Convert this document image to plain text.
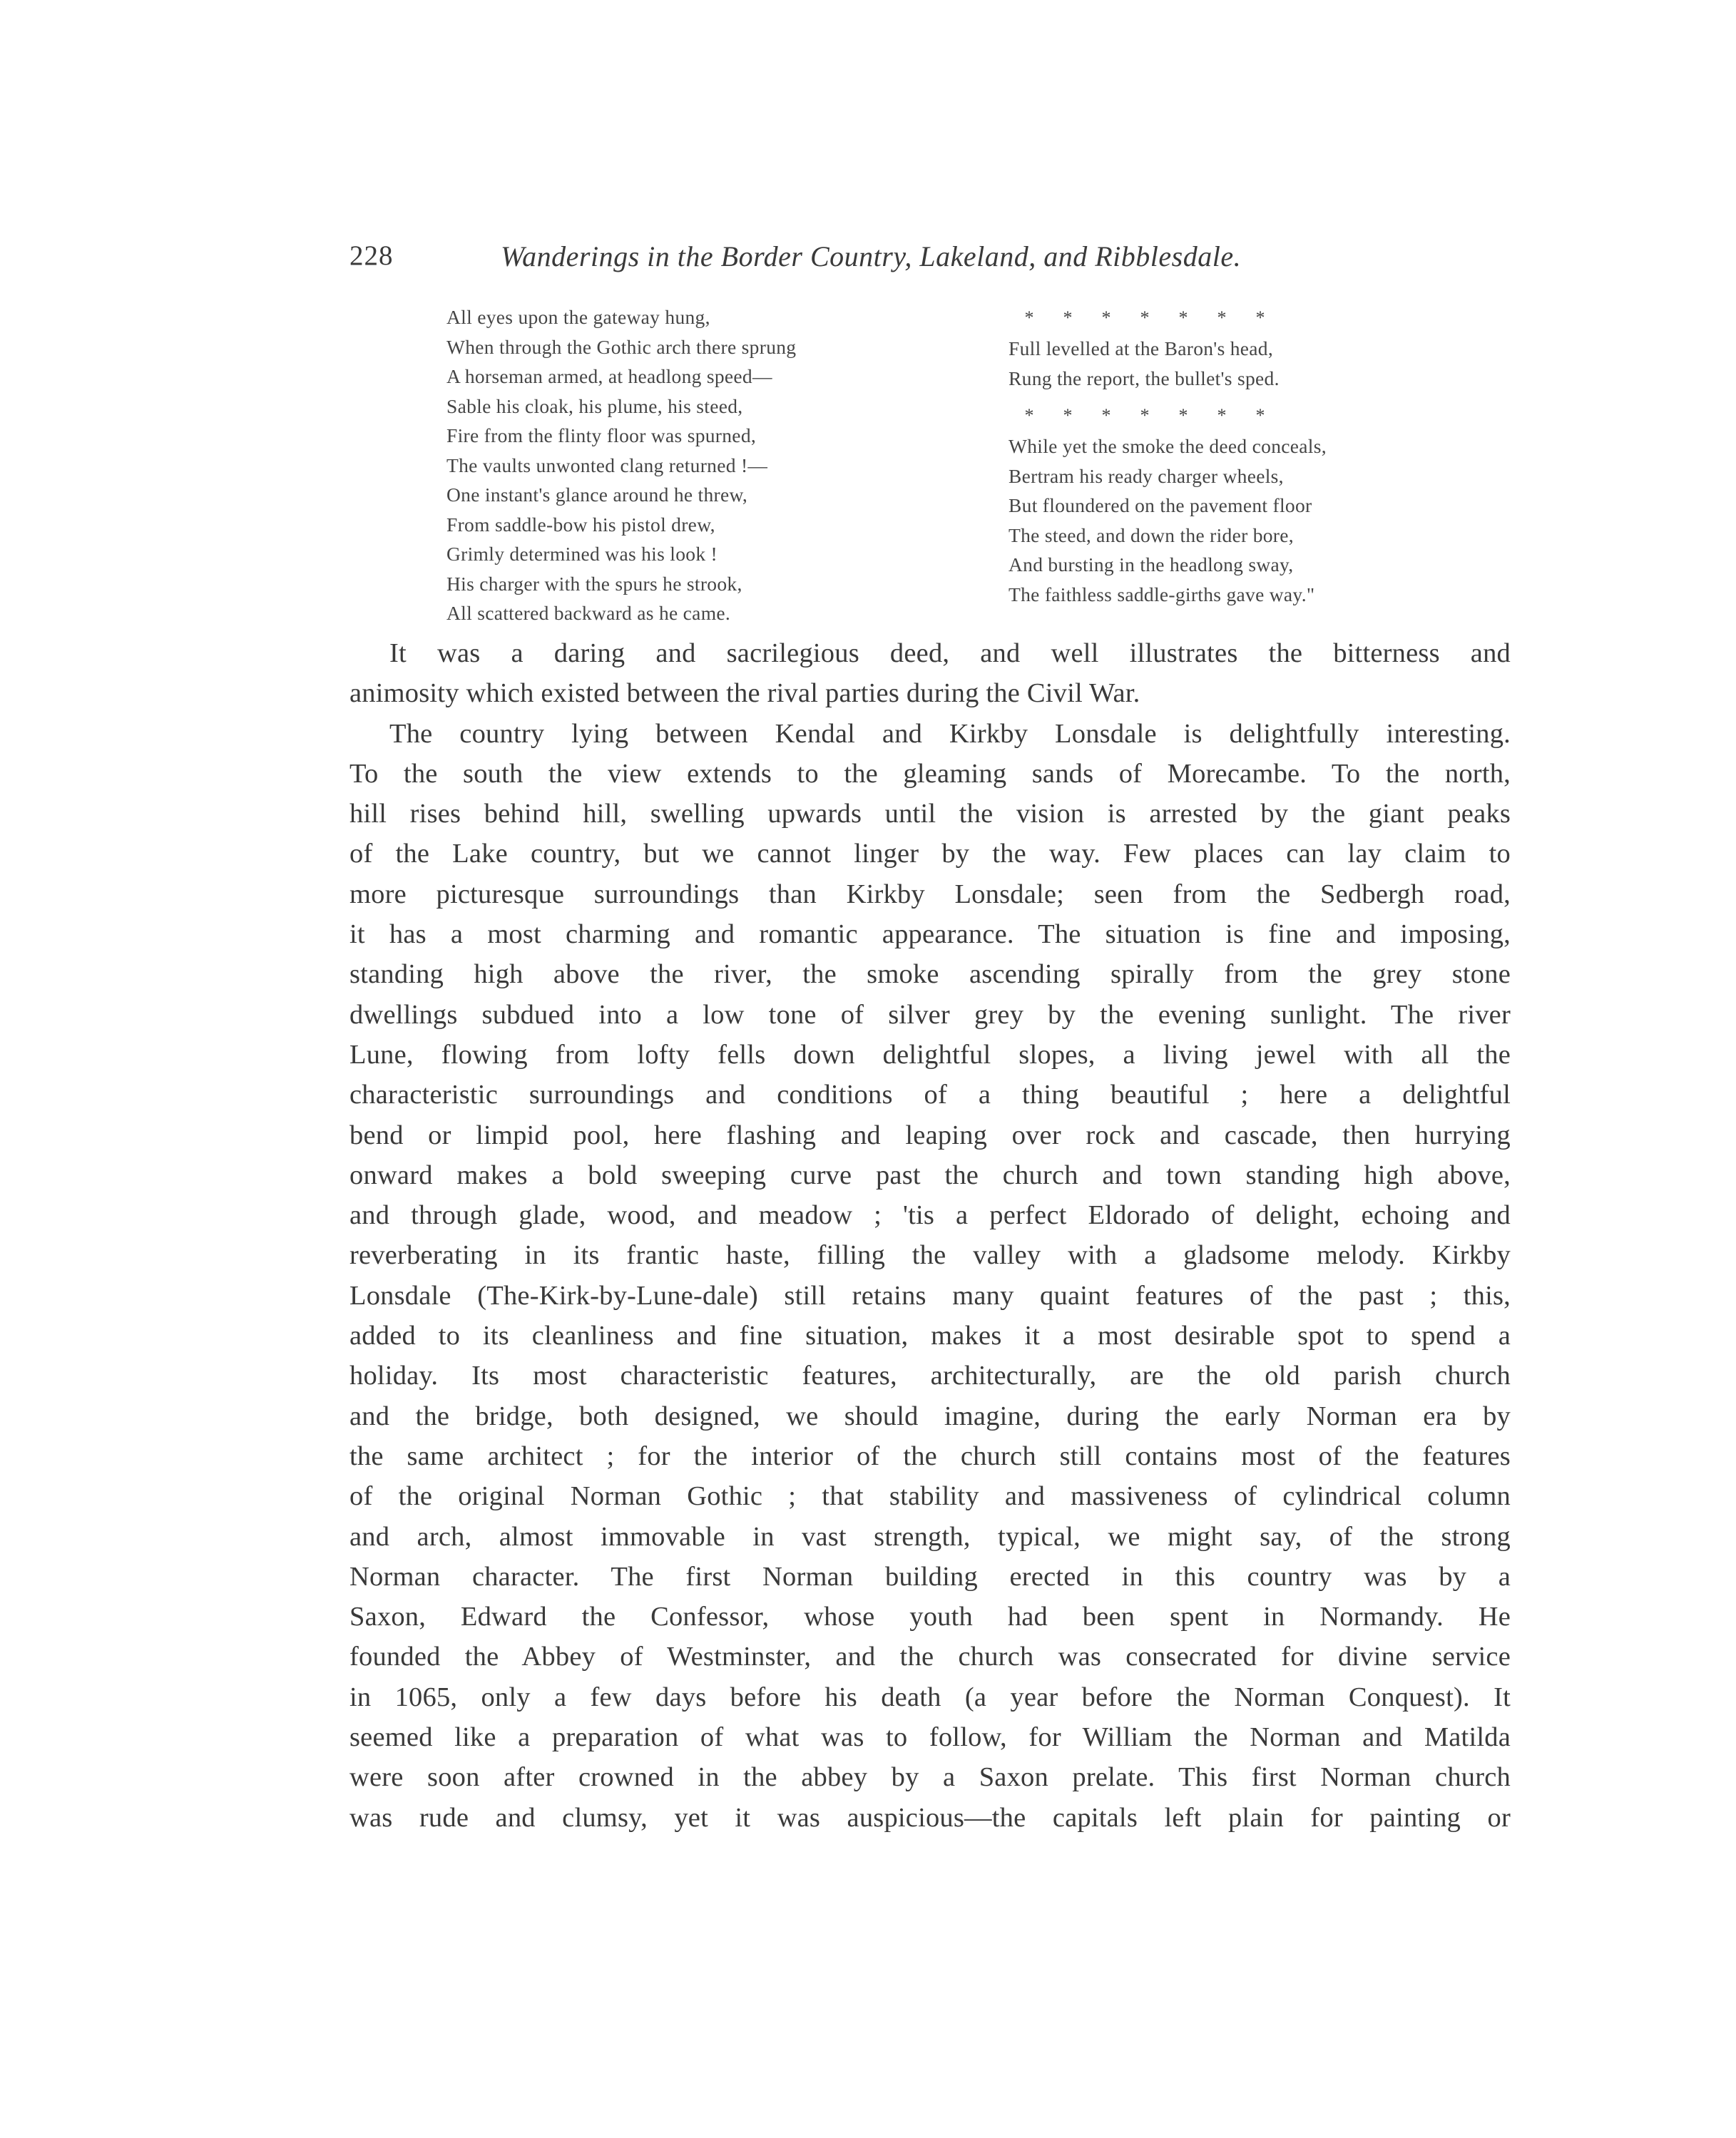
228	Wanderings in the Border Country, Lakeland, and Ribblesdale.
All eyes upon the gateway hung,
When through the Gothic arch there sprung
A horseman armed, at headlong speed—
Sable his cloak, his plume, his steed,
Fire from the flinty floor was spurned,
The vaults unwonted clang returned !—
One instant's glance around he threw,
From saddle-bow his pistol drew,
Grimly determined was his look !
His charger with the spurs he strook,
All scattered backward as he came.
* * * * * * *
Full levelled at the Baron's head,
Rung the report, the bullet's sped.
* * * * * * *
While yet the smoke the deed conceals,
Bertram his ready charger wheels,
But floundered on the pavement floor
The steed, and down the rider bore,
And bursting in the headlong sway,
The faithless saddle-girths gave way."
It was a daring and sacrilegious deed, and well illustrates the bitterness and
animosity which existed between the rival parties during the Civil War.
The country lying between Kendal and Kirkby Lonsdale is delightfully interesting.
To the south the view extends to the gleaming sands of Morecambe. To the north,
hill rises behind hill, swelling upwards until the vision is arrested by the giant peaks
of the Lake country, but we cannot linger by the way. Few places can lay claim to
more picturesque surroundings than Kirkby Lonsdale; seen from the Sedbergh road,
it has a most charming and romantic appearance. The situation is fine and imposing,
standing high above the river, the smoke ascending spirally from the grey stone
dwellings subdued into a low tone of silver grey by the evening sunlight. The river
Lune, flowing from lofty fells down delightful slopes, a living jewel with all the
characteristic surroundings and conditions of a thing beautiful ; here a delightful
bend or limpid pool, here flashing and leaping over rock and cascade, then hurrying
onward makes a bold sweeping curve past the church and town standing high above,
and through glade, wood, and meadow ; 'tis a perfect Eldorado of delight, echoing and
reverberating in its frantic haste, filling the valley with a gladsome melody. Kirkby
Lonsdale (The-Kirk-by-Lune-dale) still retains many quaint features of the past ; this,
added to its cleanliness and fine situation, makes it a most desirable spot to spend a
holiday. Its most characteristic features, architecturally, are the old parish church
and the bridge, both designed, we should imagine, during the early Norman era by
the same architect ; for the interior of the church still contains most of the features
of the original Norman Gothic ; that stability and massiveness of cylindrical column
and arch, almost immovable in vast strength, typical, we might say, of the strong
Norman character. The first Norman building erected in this country was by a
Saxon, Edward the Confessor, whose youth had been spent in Normandy. He
founded the Abbey of Westminster, and the church was consecrated for divine service
in 1065, only a few days before his death (a year before the Norman Conquest). It
seemed like a preparation of what was to follow, for William the Norman and Matilda
were soon after crowned in the abbey by a Saxon prelate. This first Norman church
was rude and clumsy, yet it was auspicious—the capitals left plain for painting or
